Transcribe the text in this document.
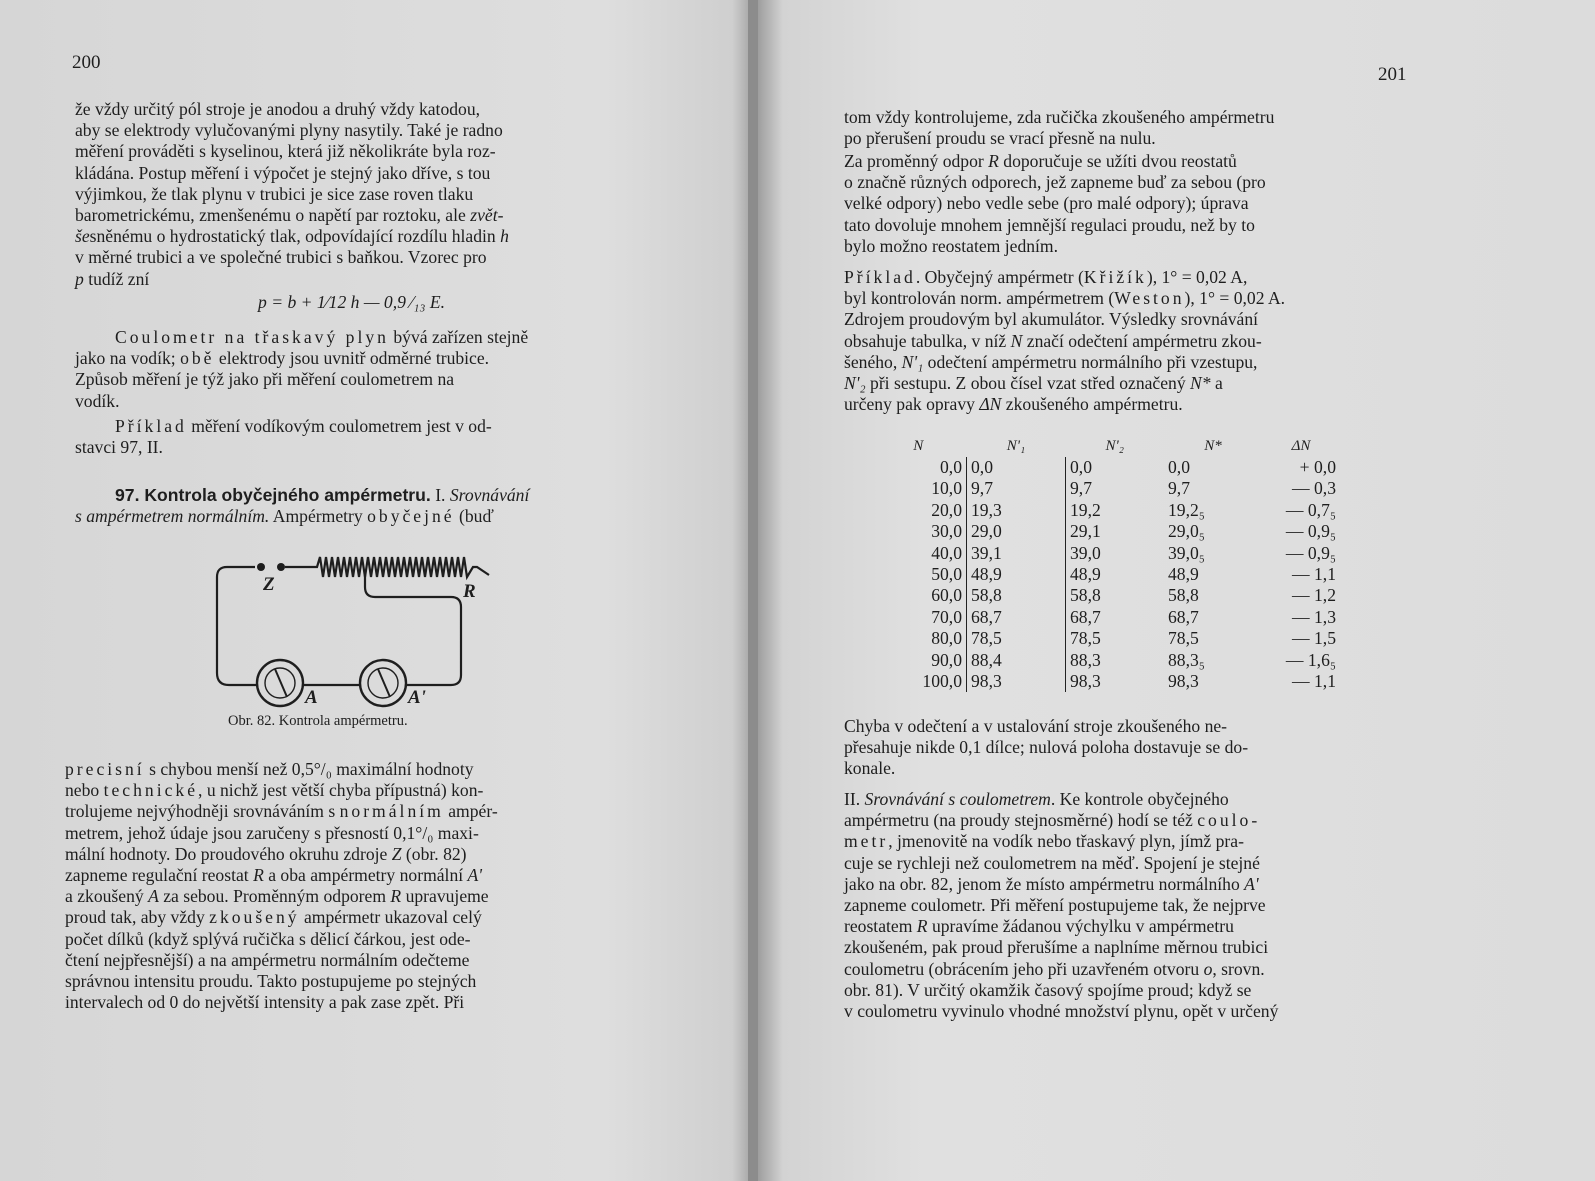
200

že vždy určitý pól stroje je anodou a druhý vždy katodou,

aby se elektrody vylučovanými plyny nasytily. Také je radno

měření prováděti s kyselinou, která již několikráte byla roz-

kládána. Postup měření i výpočet je stejný jako dříve, s tou

výjimkou, že tlak plynu v trubici je sice zase roven tlaku

barometrickému, zmenšenému o napětí par roztoku, ale zvět-

šesněnému o hydrostatický tlak, odpovídající rozdílu hladin h

v měrné trubici a ve společné trubici s baňkou. Vzorec pro

p tudíž zní

p = b + 1⁄12 h — 0,9 ⁄₁₃ E.

Coulometr na třaskavý plyn bývá zařízen stejně

jako na vodík; obě elektrody jsou uvnitř odměrné trubice.

Způsob měření je týž jako při měření coulometrem na

vodík.

Příklad měření vodíkovým coulometrem jest v od-

stavci 97, II.

97. Kontrola obyčejného ampérmetru. I. Srovnávání

s ampérmetrem normálním. Ampérmetry obyčejné (buď

Z	R
A	A'
Obr. 82. Kontrola ampérmetru.

precisní s chybou menší než 0,5°/₀ maximální hodnoty

nebo technické, u nichž jest větší chyba přípustná) kon-

trolujeme nejvýhodněji srovnáváním s normálním ampér-

metrem, jehož údaje jsou zaručeny s přesností 0,1°/₀ maxi-

mální hodnoty. Do proudového okruhu zdroje Z (obr. 82)

zapneme regulační reostat R a oba ampérmetry normální A'

a zkoušený A za sebou. Proměnným odporem R upravujeme

proud tak, aby vždy zkoušený ampérmetr ukazoval celý

počet dílků (když splývá ručička s dělicí čárkou, jest ode-

čtení nejpřesnější) a na ampérmetru normálním odečteme

správnou intensitu proudu. Takto postupujeme po stejných

intervalech od 0 do největší intensity a pak zase zpět. Při

201

tom vždy kontrolujeme, zda ručička zkoušeného ampérmetru

po přerušení proudu se vrací přesně na nulu.

Za proměnný odpor R doporučuje se užíti dvou reostatů

o značně různých odporech, jež zapneme buď za sebou (pro

velké odpory) nebo vedle sebe (pro malé odpory); úprava

tato dovoluje mnohem jemnější regulaci proudu, než by to

bylo možno reostatem jedním.

Příklad. Obyčejný ampérmetr (Křižík), 1° = 0,02 A,

byl kontrolován norm. ampérmetrem (Weston), 1° = 0,02 A.

Zdrojem proudovým byl akumulátor. Výsledky srovnávání

obsahuje tabulka, v níž N značí odečtení ampérmetru zkou-

šeného, N'₁ odečtení ampérmetru normálního při vzestupu,

N'₂ při sestupu. Z obou čísel vzat střed označený N* a

určeny pak opravy ΔN zkoušeného ampérmetru.

N	N'₁	N'₂	N*	ΔN
0,0	0,0	0,0	0,0	+ 0,0
10,0	9,7	9,7	9,7	— 0,3
20,0	19,3	19,2	19,2₅	— 0,7₅
30,0	29,0	29,1	29,0₅	— 0,9₅
40,0	39,1	39,0	39,0₅	— 0,9₅
50,0	48,9	48,9	48,9	— 1,1
60,0	58,8	58,8	58,8	— 1,2
70,0	68,7	68,7	68,7	— 1,3
80,0	78,5	78,5	78,5	— 1,5
90,0	88,4	88,3	88,3₅	— 1,6₅
100,0	98,3	98,3	98,3	— 1,1

Chyba v odečtení a v ustalování stroje zkoušeného ne-

přesahuje nikde 0,1 dílce; nulová poloha dostavuje se do-

konale.

II. Srovnávání s coulometrem. Ke kontrole obyčejného

ampérmetru (na proudy stejnosměrné) hodí se též coulo-

metr, jmenovitě na vodík nebo třaskavý plyn, jímž pra-

cuje se rychleji než coulometrem na měď. Spojení je stejné

jako na obr. 82, jenom že místo ampérmetru normálního A'

zapneme coulometr. Při měření postupujeme tak, že nejprve

reostatem R upravíme žádanou výchylku v ampérmetru

zkoušeném, pak proud přerušíme a naplníme měrnou trubici

coulometru (obrácením jeho při uzavřeném otvoru o, srovn.

obr. 81). V určitý okamžik časový spojíme proud; když se

v coulometru vyvinulo vhodné množství plynu, opět v určený
